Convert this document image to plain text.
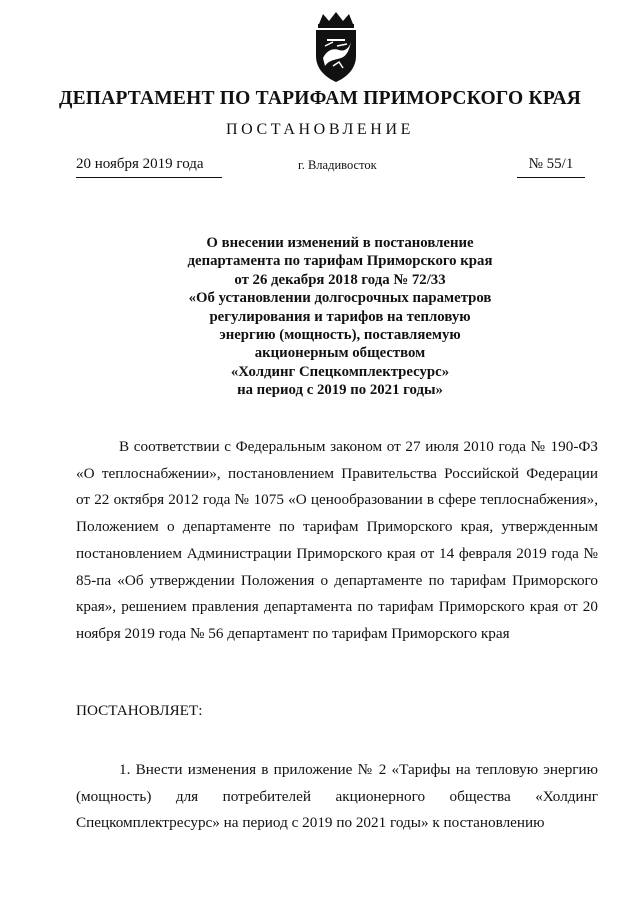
ДЕПАРТАМЕНТ ПО ТАРИФАМ ПРИМОРСКОГО КРАЯ
ПОСТАНОВЛЕНИЕ
20 ноября 2019 года	г. Владивосток	№ 55/1
О внесении изменений в постановление
департамента по тарифам Приморского края
от 26 декабря 2018 года № 72/33
«Об установлении долгосрочных параметров
регулирования и тарифов на тепловую
энергию (мощность), поставляемую
акционерным обществом
«Холдинг Спецкомплектресурс»
на период с 2019 по 2021 годы»

В соответствии с Федеральным законом от 27 июля 2010 года № 190-ФЗ «О теплоснабжении», постановлением Правительства Российской Федерации от 22 октября 2012 года № 1075 «О ценообразовании в сфере теплоснабжения», Положением о департаменте по тарифам Приморского края, утвержденным постановлением Администрации Приморского края от 14 февраля 2019 года № 85-па «Об утверждении Положения о департаменте по тарифам Приморского края», решением правления департамента по тарифам Приморского края от 20 ноября 2019 года № 56 департамент по тарифам Приморского края

ПОСТАНОВЛЯЕТ:

1. Внести изменения в приложение № 2 «Тарифы на тепловую энергию (мощность) для потребителей акционерного общества «Холдинг Спецкомплектресурс» на период с 2019 по 2021 годы» к постановлению
